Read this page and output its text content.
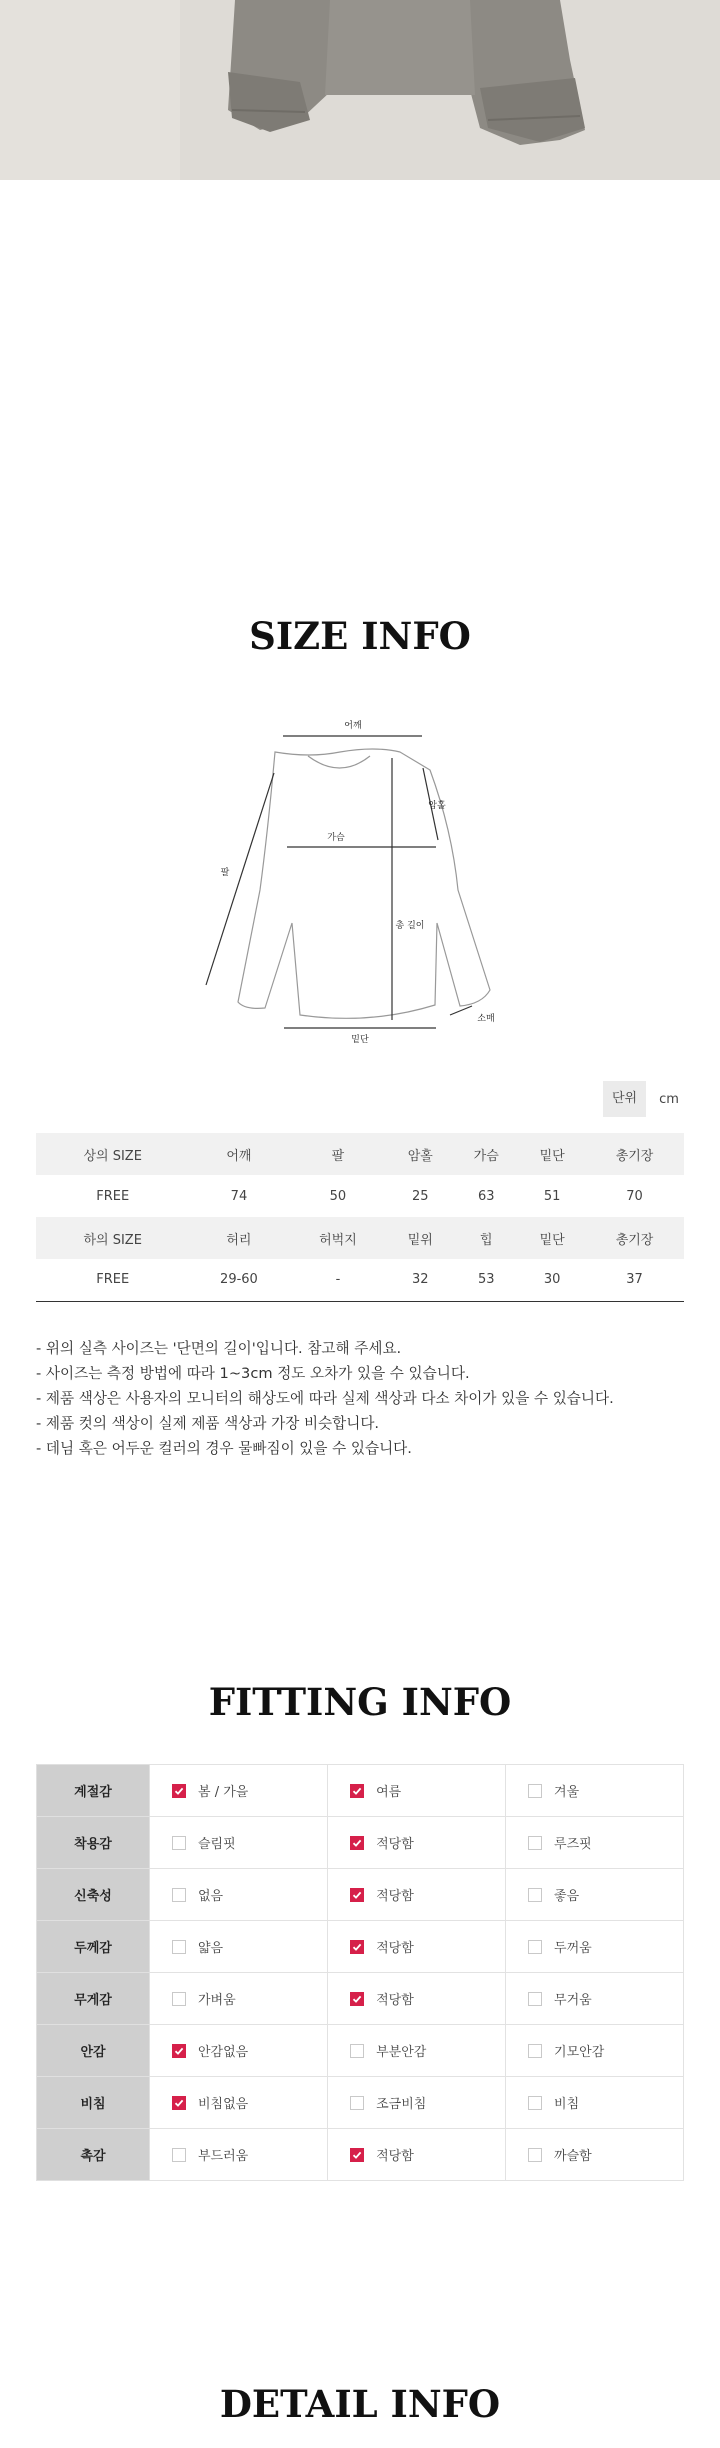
SIZE INFO
어깨
암홀
가슴
팔
총 길이
밑단
소매
단위	cm
상의 SIZE	어깨	팔	암홀	가슴	밑단	총기장
FREE	74	50	25	63	51	70
하의 SIZE	허리	허벅지	밑위	힙	밑단	총기장
FREE	29-60	-	32	53	30	37
- 위의 실측 사이즈는 '단면의 길이'입니다. 참고해 주세요.
- 사이즈는 측정 방법에 따라 1~3cm 정도 오차가 있을 수 있습니다.
- 제품 색상은 사용자의 모니터의 해상도에 따라 실제 색상과 다소 차이가 있을 수 있습니다.
- 제품 컷의 색상이 실제 제품 색상과 가장 비슷합니다.
- 데님 혹은 어두운 컬러의 경우 물빠짐이 있을 수 있습니다.
FITTING INFO
계절감	봄 / 가을	여름	겨울

착용감	슬림핏	적당함	루즈핏

신축성	없음	적당함	좋음

두께감	얇음	적당함	두꺼움

무게감	가벼움	적당함	무거움

안감	안감없음	부분안감	기모안감

비침	비침없음	조금비침	비침

촉감	부드러움	적당함	까슬함
DETAIL INFO
